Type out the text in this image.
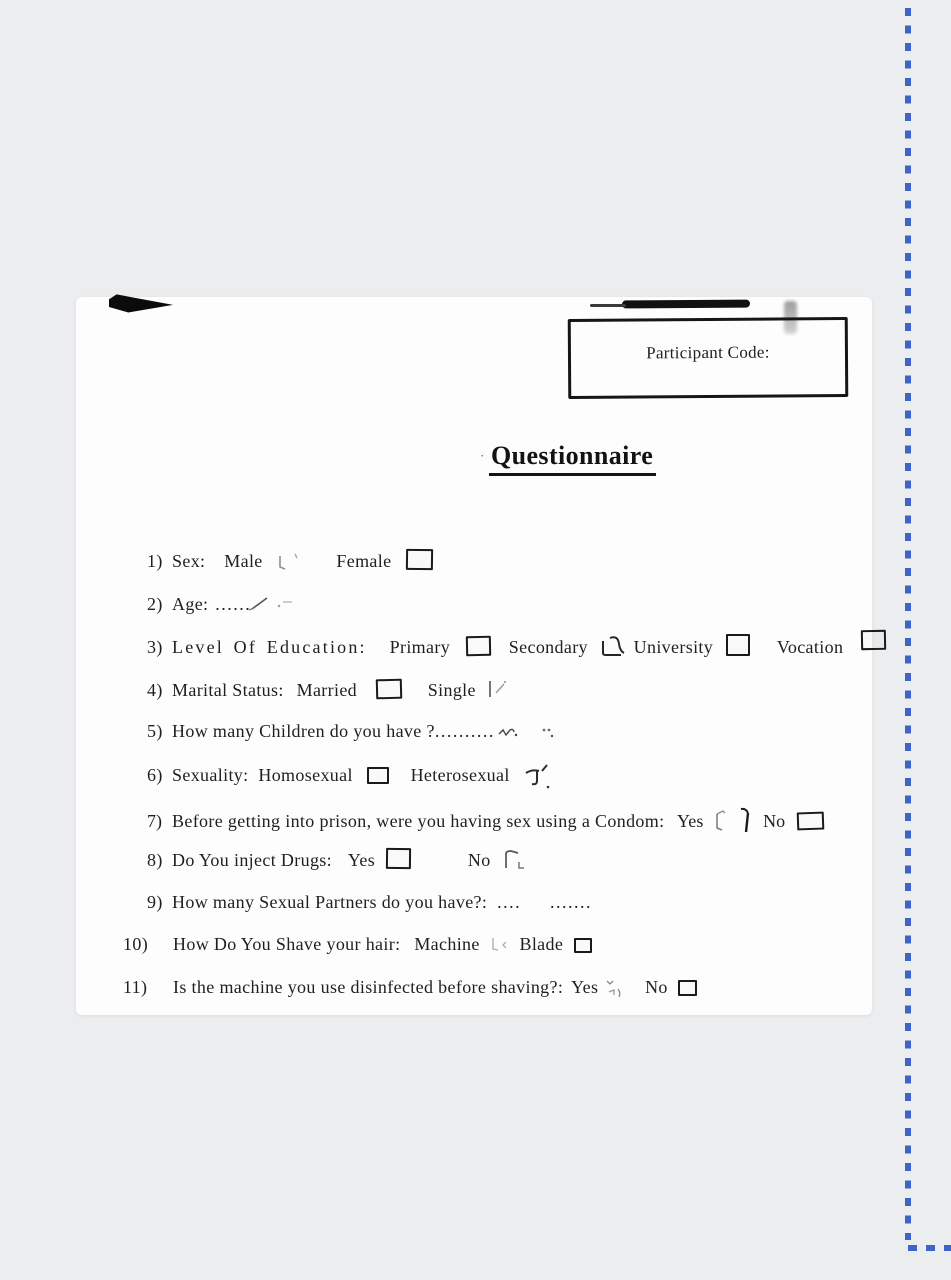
Participant Code:
· Questionnaire
1) Sex: Male	Female
2) Age: ......
3) Level Of Education: Primary	Secondary	University	Vocation
4) Marital Status: Married	Single
5) How many Children do you have ?..........
6) Sexuality: Homosexual	Heterosexual
7) Before getting into prison, were you having sex using a Condom: Yes	No
8) Do You inject Drugs: Yes	No
9) How many Sexual Partners do you have?: .... .......
10) How Do You Shave your hair: Machine Blade
11) Is the machine you use disinfected before shaving?: Yes	No
